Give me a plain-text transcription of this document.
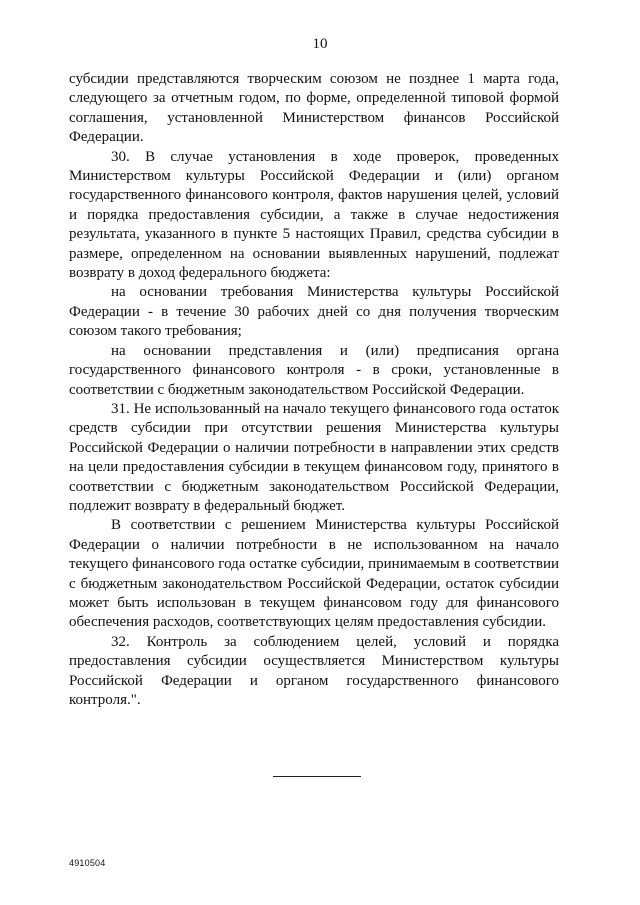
10

субсидии представляются творческим союзом не позднее 1 марта года, следующего за отчетным годом, по форме, определенной типовой формой соглашения, установленной Министерством финансов Российской Федерации.

30. В случае установления в ходе проверок, проведенных Министерством культуры Российской Федерации и (или) органом государственного финансового контроля, фактов нарушения целей, условий и порядка предоставления субсидии, а также в случае недостижения результата, указанного в пункте 5 настоящих Правил, средства субсидии в размере, определенном на основании выявленных нарушений, подлежат возврату в доход федерального бюджета:

на основании требования Министерства культуры Российской Федерации - в течение 30 рабочих дней со дня получения творческим союзом такого требования;

на основании представления и (или) предписания органа государственного финансового контроля - в сроки, установленные в соответствии с бюджетным законодательством Российской Федерации.

31. Не использованный на начало текущего финансового года остаток средств субсидии при отсутствии решения Министерства культуры Российской Федерации о наличии потребности в направлении этих средств на цели предоставления субсидии в текущем финансовом году, принятого в соответствии с бюджетным законодательством Российской Федерации, подлежит возврату в федеральный бюджет.

В соответствии с решением Министерства культуры Российской Федерации о наличии потребности в не использованном на начало текущего финансового года остатке субсидии, принимаемым в соответствии с бюджетным законодательством Российской Федерации, остаток субсидии может быть использован в текущем финансовом году для финансового обеспечения расходов, соответствующих целям предоставления субсидии.

32. Контроль за соблюдением целей, условий и порядка предоставления субсидии осуществляется Министерством культуры Российской Федерации и органом государственного финансового контроля.".

4910504
